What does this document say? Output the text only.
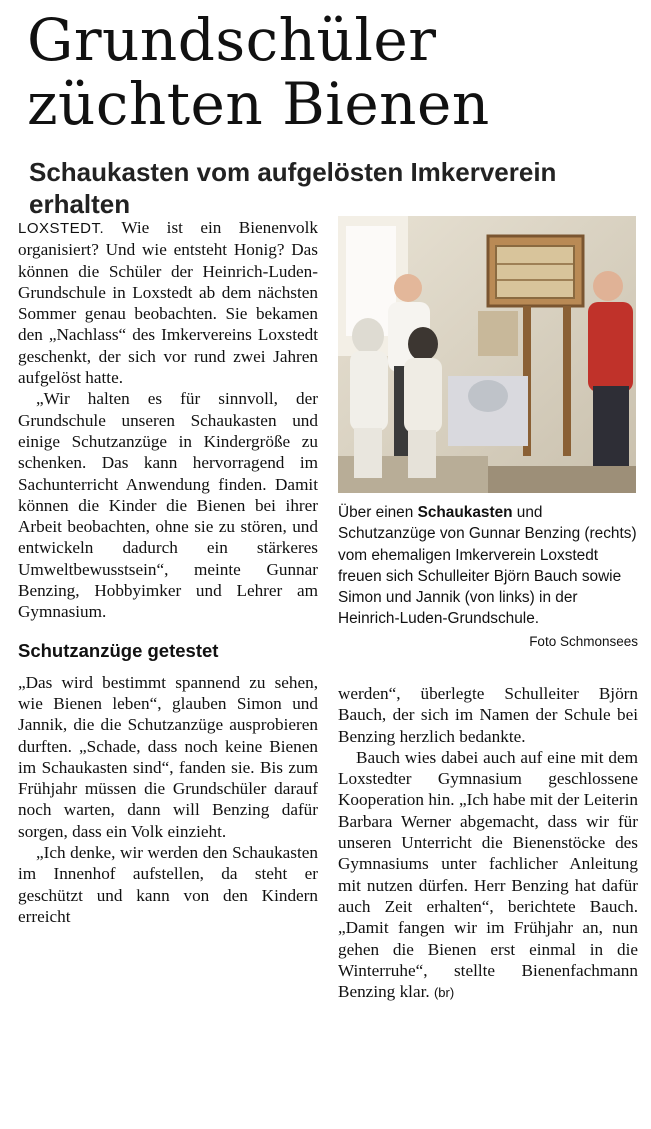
Grundschüler
züchten Bienen
Schaukasten vom aufgelösten Imkerverein erhalten

LOXSTEDT. Wie ist ein Bienenvolk organisiert? Und wie entsteht Honig? Das können die Schüler der Heinrich-Luden-Grundschule in Loxstedt ab dem nächsten Sommer genau beobachten. Sie bekamen den „Nachlass“ des Imkervereins Loxstedt geschenkt, der sich vor rund zwei Jahren aufgelöst hatte.

„Wir halten es für sinnvoll, der Grundschule unseren Schaukasten und einige Schutzanzüge in Kindergröße zu schenken. Das kann hervorragend im Sachunterricht Anwendung finden. Damit können die Kinder die Bienen bei ihrer Arbeit beobachten, ohne sie zu stören, und entwickeln dadurch ein stärkeres Umweltbewusstsein“, meinte Gunnar Benzing, Hobbyimker und Lehrer am Gymnasium.

Schutzanzüge getestet

„Das wird bestimmt spannend zu sehen, wie Bienen leben“, glauben Simon und Jannik, die die Schutzanzüge ausprobieren durften. „Schade, dass noch keine Bienen im Schaukasten sind“, fanden sie. Bis zum Frühjahr müssen die Grundschüler darauf noch warten, dann will Benzing dafür sorgen, dass ein Volk einzieht.

„Ich denke, wir werden den Schaukasten im Innenhof aufstellen, da steht er geschützt und kann von den Kindern erreicht

Über einen Schaukasten und Schutzanzüge von Gunnar Benzing (rechts) vom ehemaligen Imkerverein Loxstedt freuen sich Schulleiter Björn Bauch sowie Simon und Jannik (von links) in der Heinrich-Luden-Grundschule.
Foto Schmonsees

werden“, überlegte Schulleiter Björn Bauch, der sich im Namen der Schule bei Benzing herzlich bedankte.

Bauch wies dabei auch auf eine mit dem Loxstedter Gymnasium geschlossene Kooperation hin. „Ich habe mit der Leiterin Barbara Werner abgemacht, dass wir für unseren Unterricht die Bienenstöcke des Gymnasiums unter fachlicher Anleitung mit nutzen dürfen. Herr Benzing hat dafür auch Zeit erhalten“, berichtete Bauch. „Damit fangen wir im Frühjahr an, nun gehen die Bienen erst einmal in die Winterruhe“, stellte Bienenfachmann Benzing klar. (br)
